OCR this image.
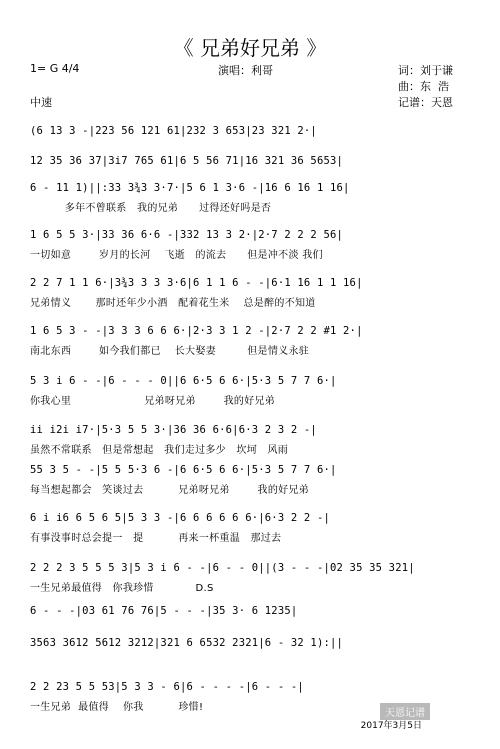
《 兄弟好兄弟 》
1= G 4/4	演唱：利哥	词：刘于谦
曲：东  浩
记谱：天恩
中速
(6 13 3 -|223 56 121 61|232 3 653|23 321 2·|
12 35 36 37|3i7 765 61|6 5 56 71|16 321 36 5653|
6 - 11 1)||:33 3¾3 3·7·|5 6 1 3·6 -|16 6 16 1 16|
多年不曾联系   我的兄弟      过得还好吗是否
1 6 5 5 3·|33 36 6·6 -|332 13 3 2·|2·7 2 2 2 56|
一切如意        岁月的长河    飞逝   的流去      但是冲不淡 我们
2 2 7 1 1 6·|3¾3 3 3 3·6|6 1 1 6 - -|6·1 16 1 1 16|
兄弟情义       那时还年少小酒   配着花生米    总是醉的不知道
1 6 5 3 - -|3 3 3 6 6 6·|2·3 3 1 2 -|2·7 2 2 #1 2·|
南北东西        如今我们都已    长大娶妻         但是情义永驻
5 3 i 6 - -|6 - - - 0||6 6·5 6 6·|5·3 5 7 7 6·|
你我心里                     兄弟呀兄弟        我的好兄弟
ii i2i i7·|5·3 5 5 3·|36 36 6·6|6·3 2 3 2 -|
虽然不常联系   但是常想起   我们走过多少   坎坷   风雨
55 3 5 - -|5 5 5·3 6 -|6 6·5 6 6·|5·3 5 7 7 6·|
每当想起都会   笑谈过去          兄弟呀兄弟        我的好兄弟
6 i i6 6 5 6 5|5 3 3 -|6 6 6 6 6 6·|6·3 2 2 -|
有事没事时总会提一   提          再来一杯重温   那过去
2 2 2 3 5 5 5 3|5 3 i 6 - -|6 - - 0||(3 - - -|02 35 35 321|
一生兄弟最值得   你我珍惜            D.S
6 - - -|03 61 76 76|5 - - -|35 3· 6 1235|
3563 3612 5612 3212|321 6 6532 2321|6 - 32 1):||
2 2 23 5 5 53|5 3 3 - 6|6 - - - -|6 - - -|
一生兄弟  最值得    你我          珍惜!
天恩记谱
2017年3月5日
